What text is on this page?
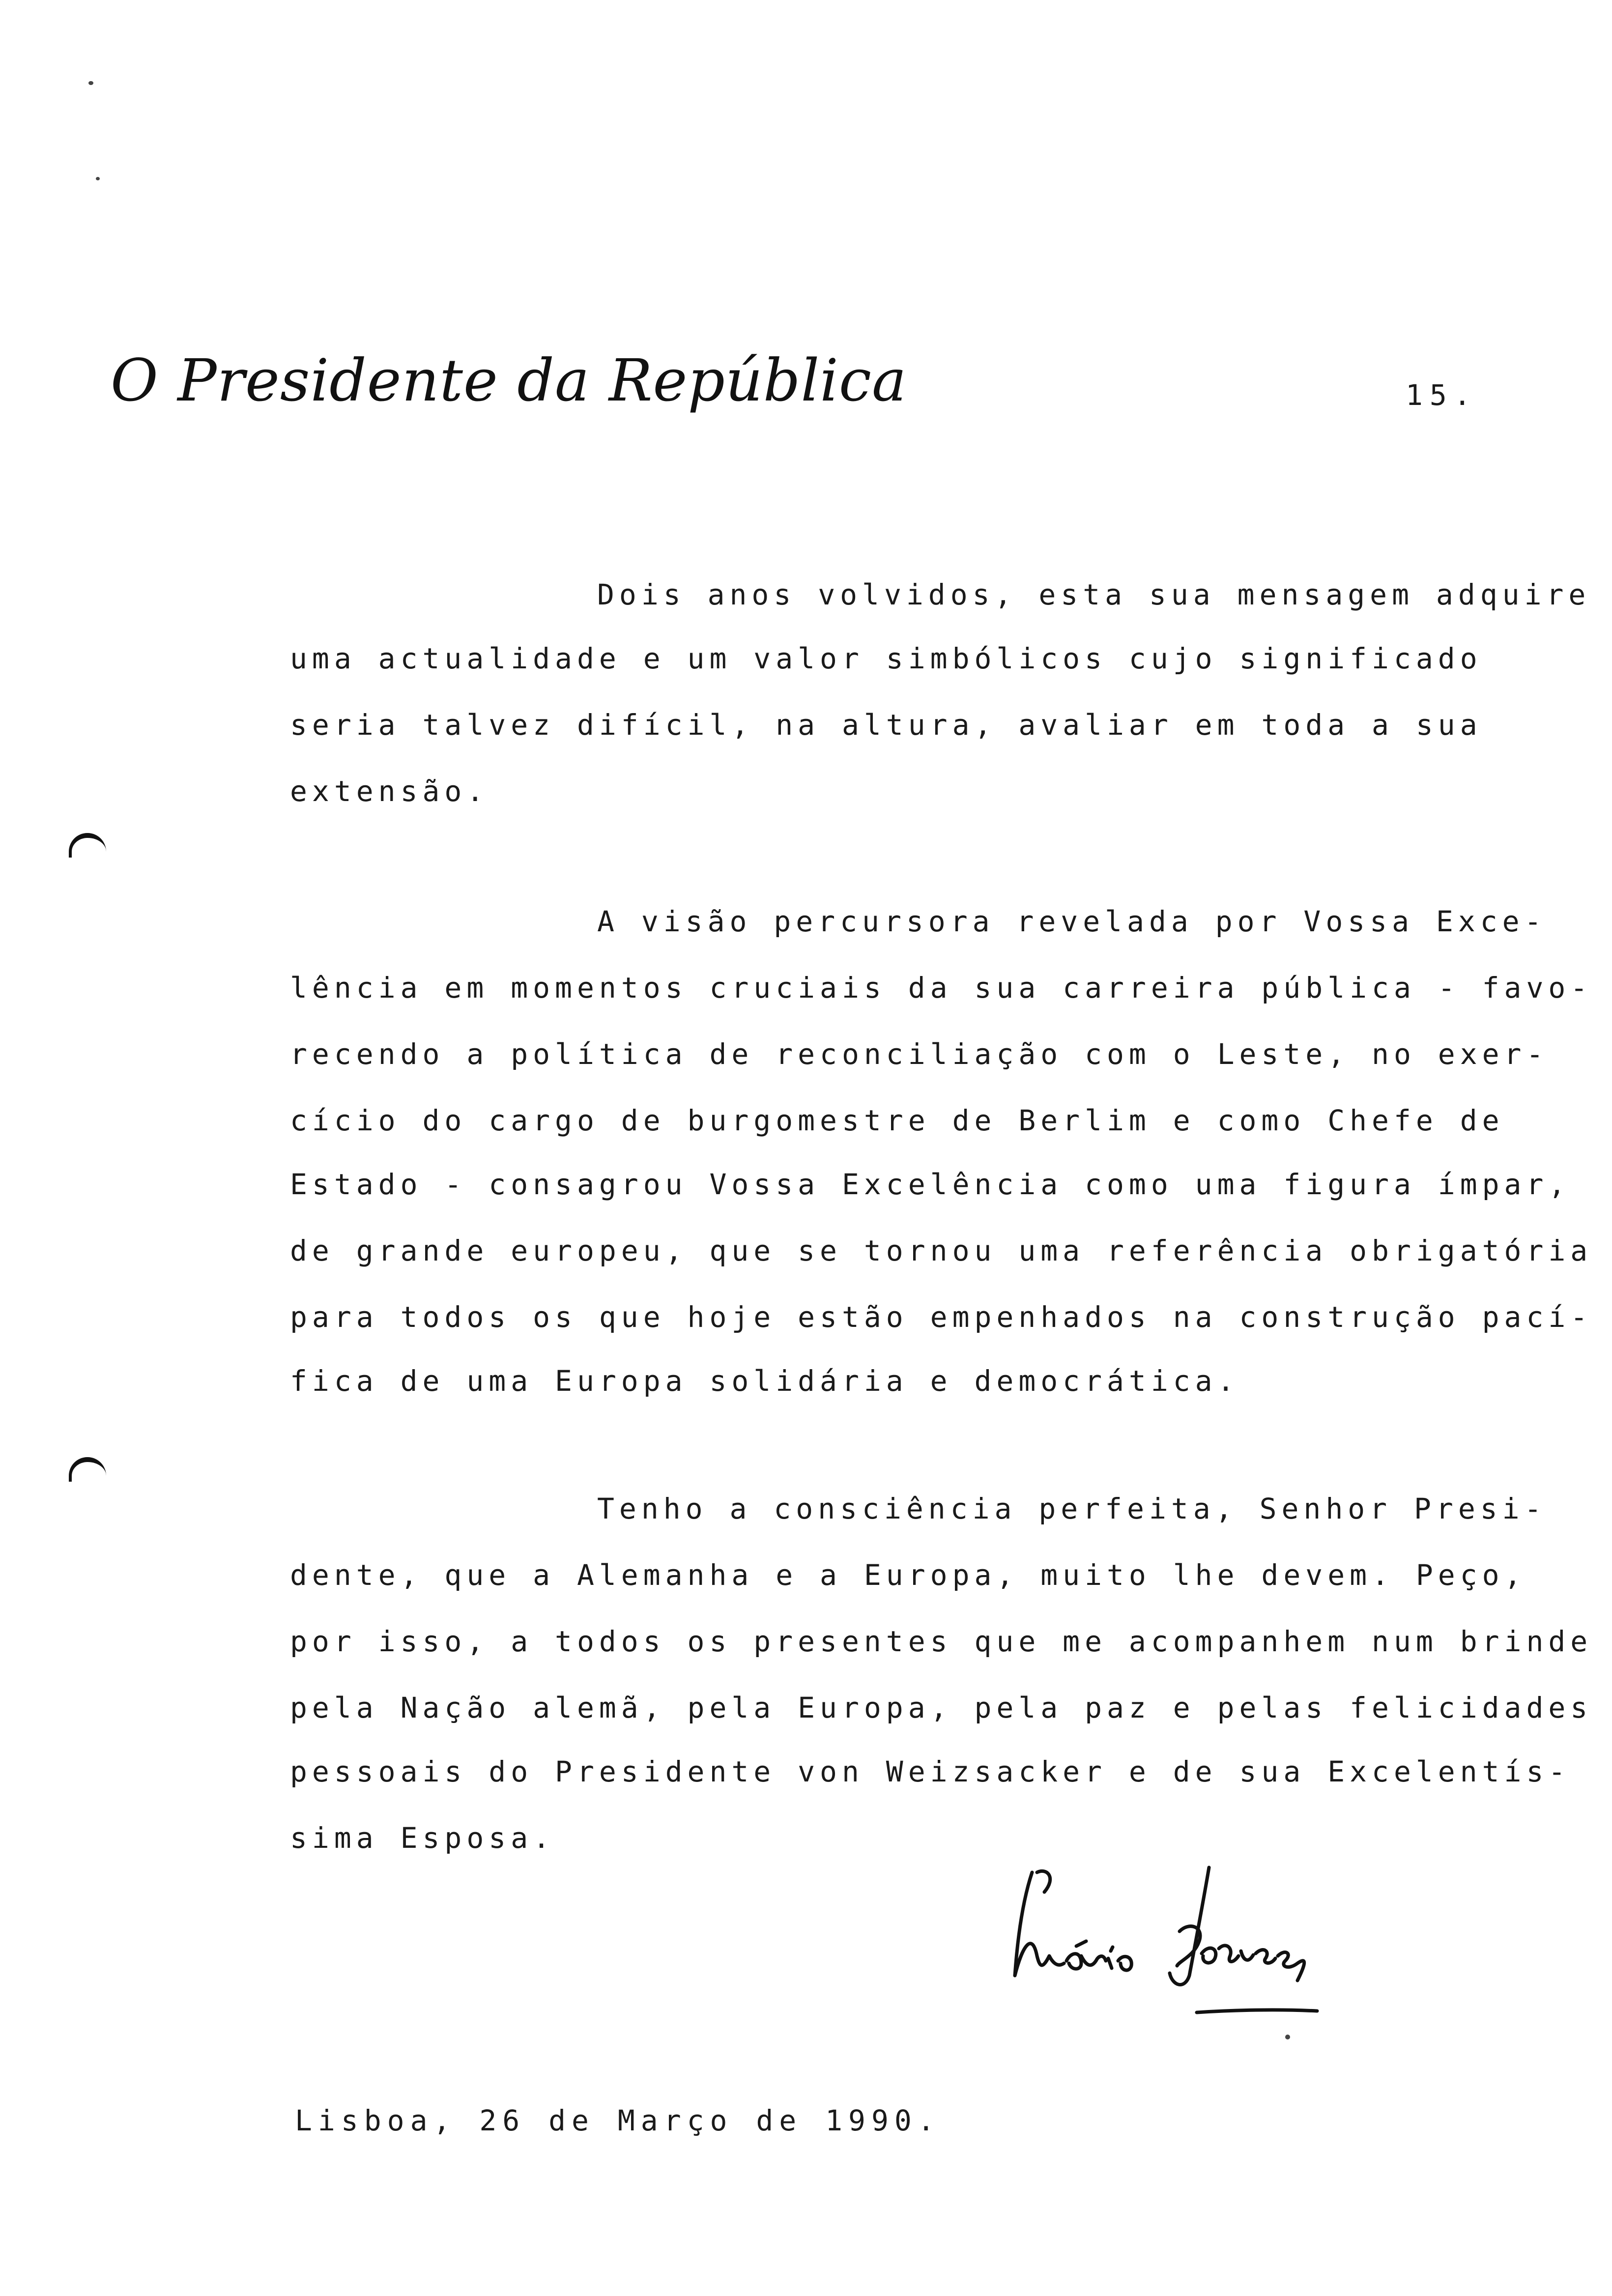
O Presidente da República	15.
Dois anos volvidos, esta sua mensagem adquire
uma actualidade e um valor simbólicos cujo significado
seria talvez difícil, na altura, avaliar em toda a sua
extensão.
A visão percursora revelada por Vossa Exce-
lência em momentos cruciais da sua carreira pública - favo-
recendo a política de reconciliação com o Leste, no exer-
cício do cargo de burgomestre de Berlim e como Chefe de
Estado - consagrou Vossa Excelência como uma figura ímpar,
de grande europeu, que se tornou uma referência obrigatória
para todos os que hoje estão empenhados na construção pací-
fica de uma Europa solidária e democrática.
Tenho a consciência perfeita, Senhor Presi-
dente, que a Alemanha e a Europa, muito lhe devem. Peço,
por isso, a todos os presentes que me acompanhem num brinde
pela Nação alemã, pela Europa, pela paz e pelas felicidades
pessoais do Presidente von Weizsacker e de sua Excelentís-
sima Esposa.
Lisboa, 26 de Março de 1990.
